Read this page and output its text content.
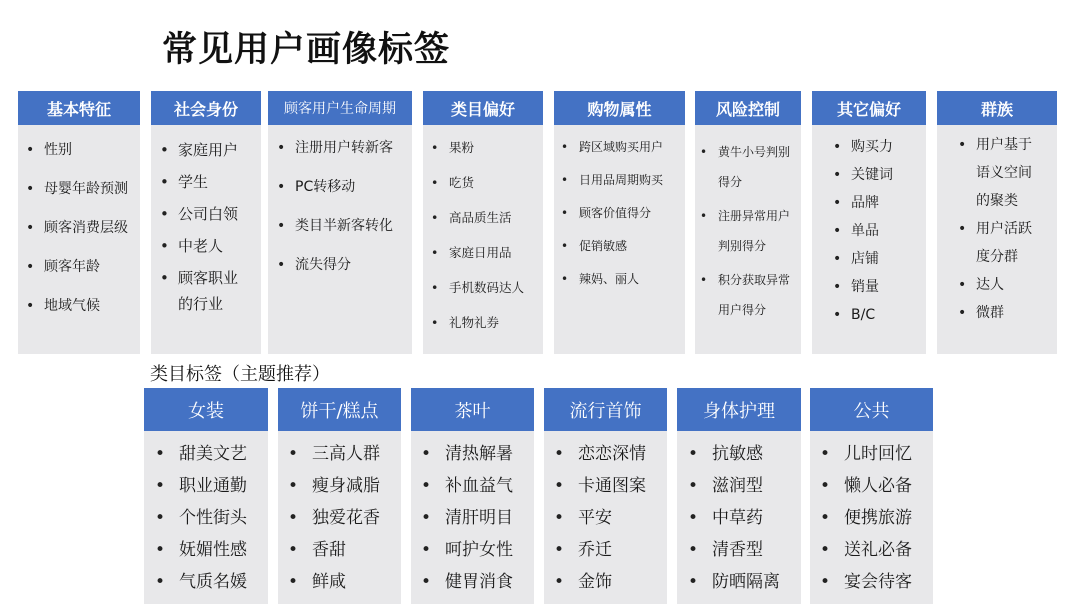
常见用户画像标签
基本特征
• 性别
• 母婴年龄预测
• 顾客消费层级
• 顾客年龄
• 地域气候
社会身份
• 家庭用户
• 学生
• 公司白领
• 中老人
• 顾客职业的行业
顾客用户生命周期
• 注册用户转新客
• PC转移动
• 类目半新客转化
• 流失得分
类目偏好
• 果粉
• 吃货
• 高品质生活
• 家庭日用品
• 手机数码达人
• 礼物礼券
购物属性
• 跨区域购买用户
• 日用品周期购买
• 顾客价值得分
• 促销敏感
• 辣妈、丽人
风险控制
• 黄牛小号判别得分
• 注册异常用户判别得分
• 积分获取异常用户得分
其它偏好
• 购买力
• 关键词
• 品牌
• 单品
• 店铺
• 销量
• B/C
群族
• 用户基于语义空间的聚类
• 用户活跃度分群
• 达人
• 微群
类目标签（主题推荐）
女装
• 甜美文艺
• 职业通勤
• 个性街头
• 妩媚性感
• 气质名媛
饼干/糕点
• 三高人群
• 瘦身减脂
• 独爱花香
• 香甜
• 鲜咸
茶叶
• 清热解暑
• 补血益气
• 清肝明目
• 呵护女性
• 健胃消食
流行首饰
• 恋恋深情
• 卡通图案
• 平安
• 乔迁
• 金饰
身体护理
• 抗敏感
• 滋润型
• 中草药
• 清香型
• 防晒隔离
公共
• 儿时回忆
• 懒人必备
• 便携旅游
• 送礼必备
• 宴会待客
